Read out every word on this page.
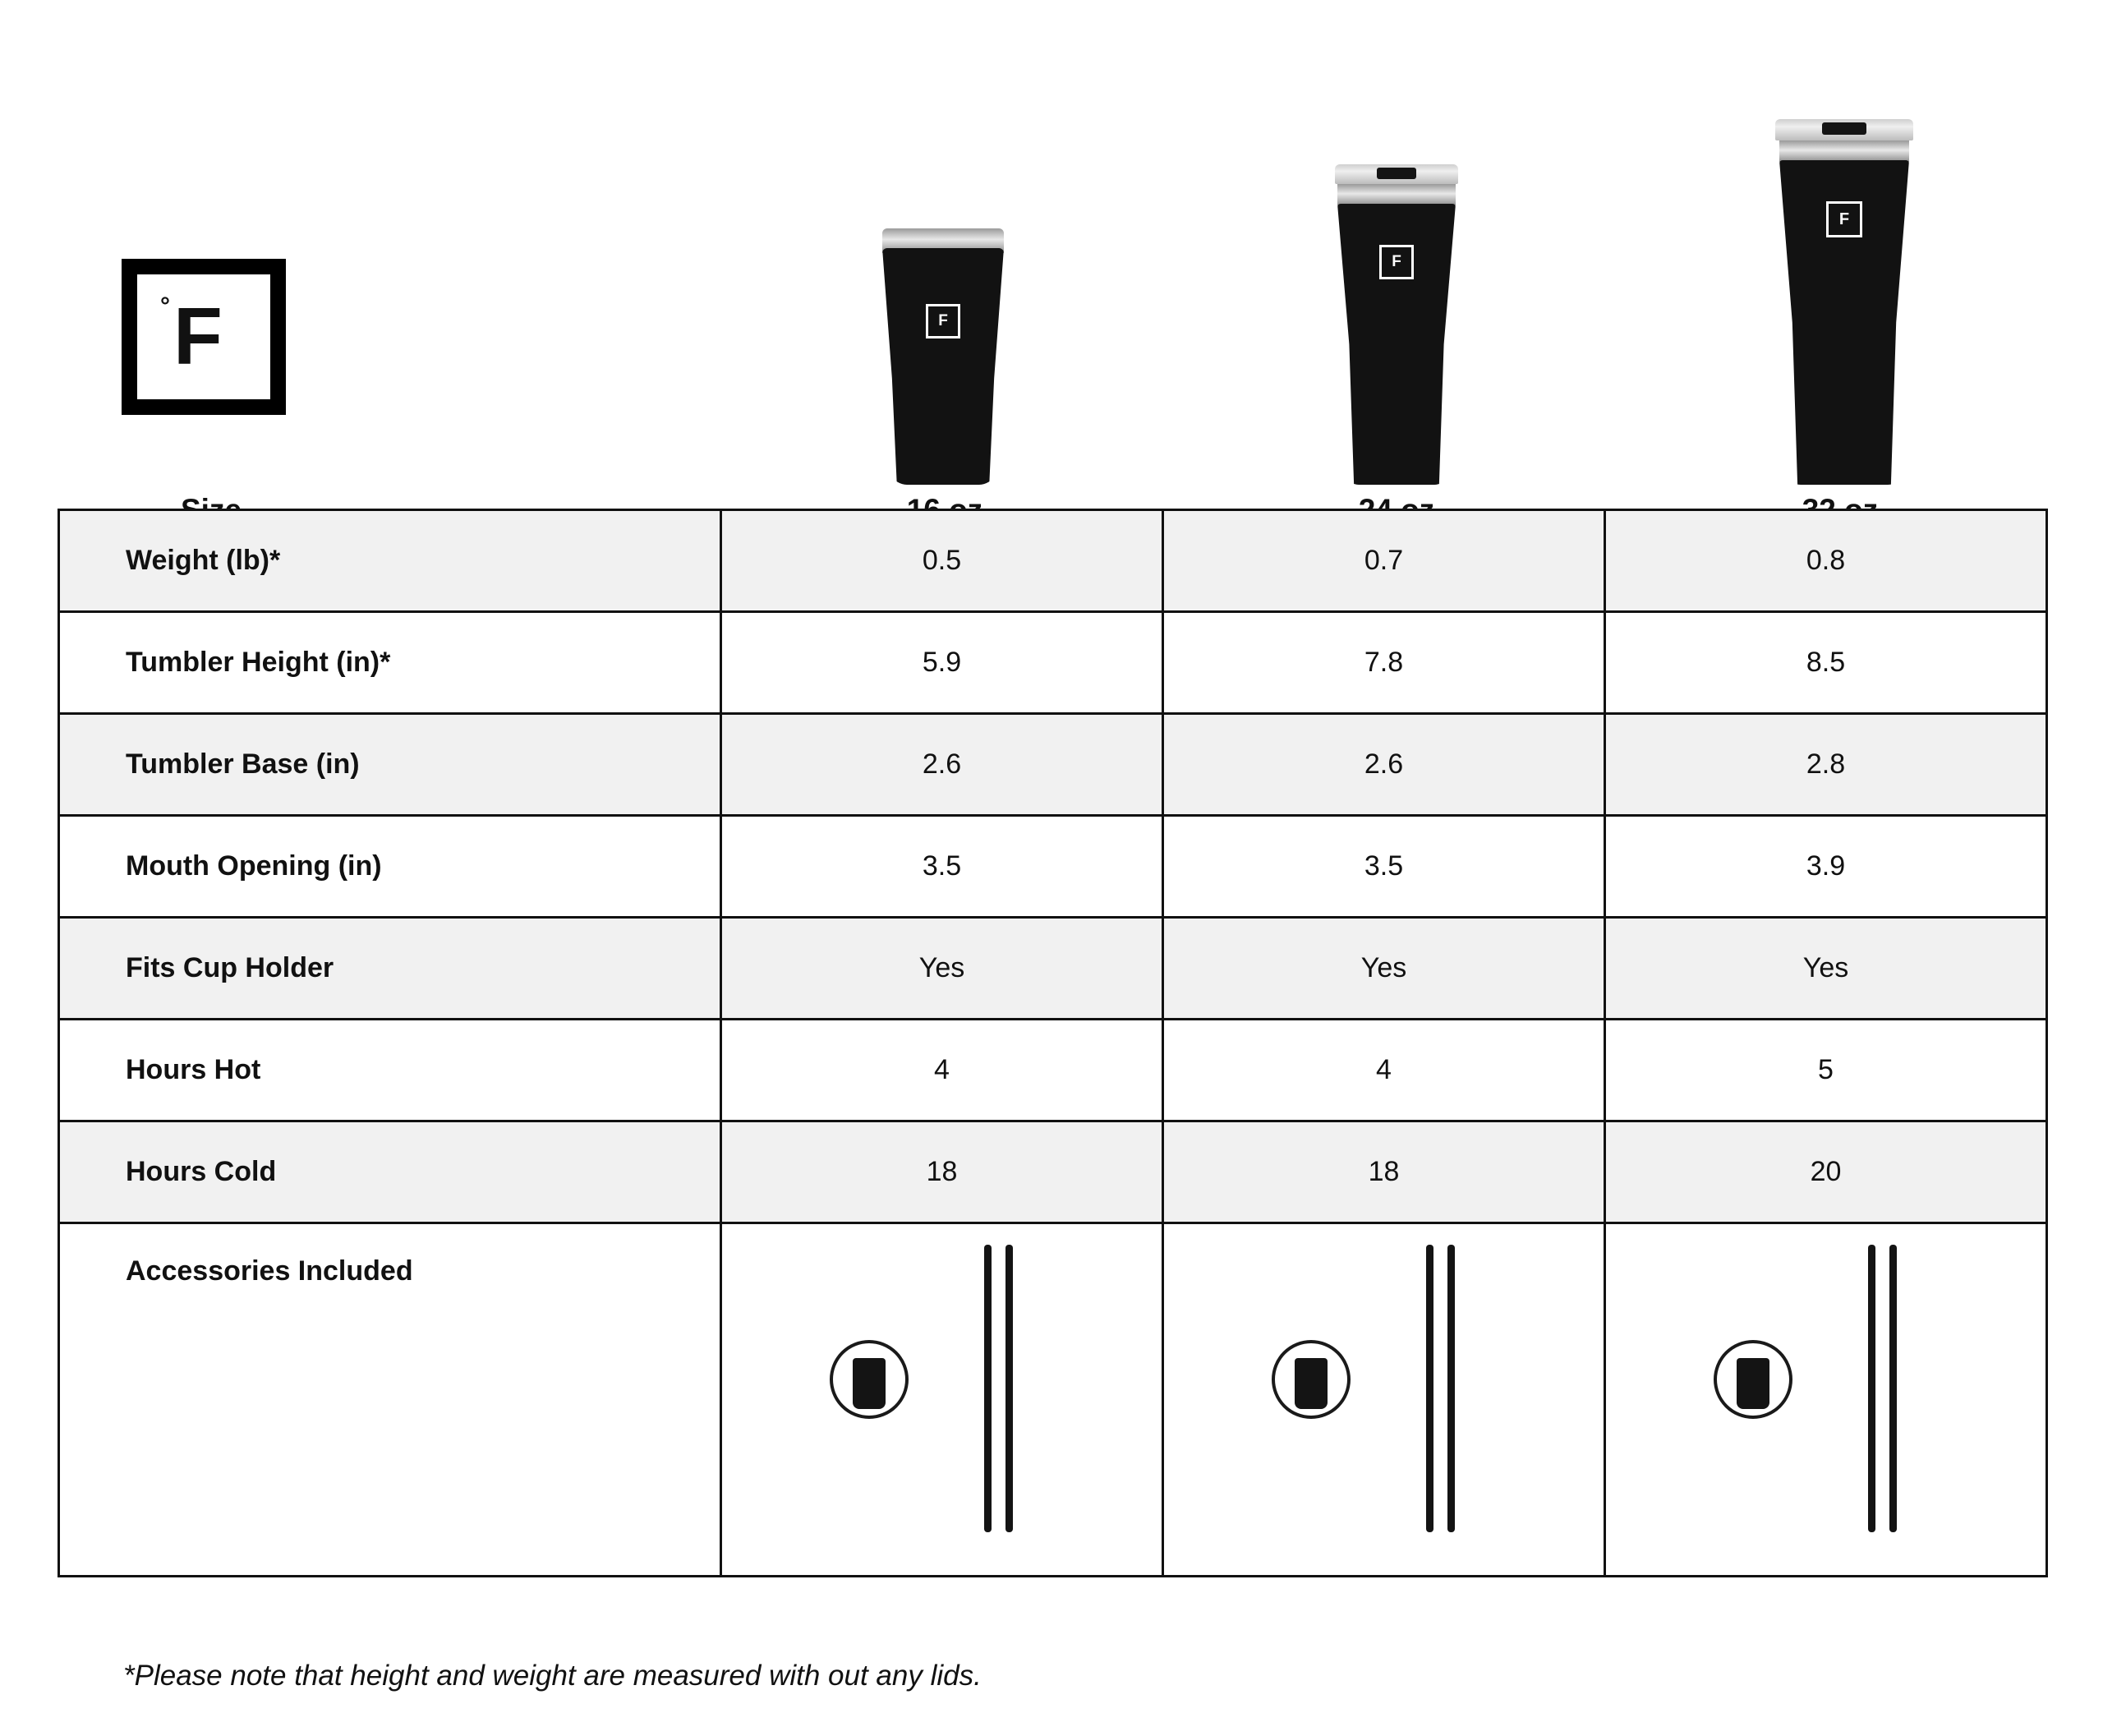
° F	F
F
F
Weight (lb)*	0.5	0.7	0.8
Tumbler Height (in)*	5.9	7.8	8.5
Tumbler Base (in)	2.6	2.6	2.8
Mouth Opening (in)	3.5	3.5	3.9
Fits Cup Holder	Yes	Yes	Yes
Hours Hot	4	4	5
Hours Cold	18	18	20
Accessories Included	

*Please note that height and weight are measured with out any lids.
